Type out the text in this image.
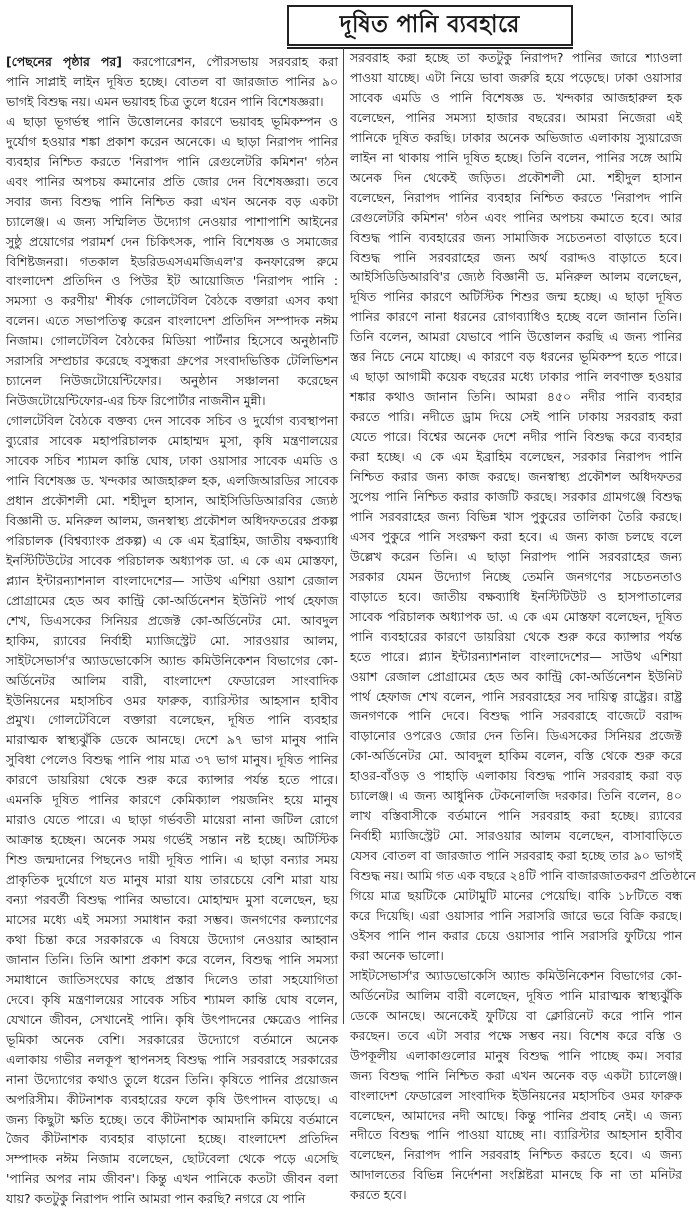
দূষিত পানি ব্যবহারে
[পেছনের পৃষ্ঠার পর] করপোরেশন, পৌরসভায় সরবরাহ করা
পানি সাপ্লাই লাইন দূষিত হচ্ছে। বোতল বা জারজাত পানির ৯০
ভাগই বিশুদ্ধ নয়। এমন ভয়াবহ চিত্র তুলে ধরেন পানি বিশেষজ্ঞরা।
এ ছাড়া ভূগর্ভস্থ পানি উত্তোলনের কারণে ভয়াবহ ভূমিকম্পন ও
দুর্যোগ হওয়ার শঙ্কা প্রকাশ করেন অনেকে। এ ছাড়া নিরাপদ পানির
ব্যবহার নিশ্চিত করতে 'নিরাপদ পানি রেগুলেটরি কমিশন' গঠন
এবং পানির অপচয় কমানোর প্রতি জোর দেন বিশেষজ্ঞরা। তবে
সবার জন্য বিশুদ্ধ পানি নিশ্চিত করা এখন অনেক বড় একটা
চ্যালেঞ্জ। এ জন্য সম্মিলিত উদ্যোগ নেওয়ার পাশাপাশি আইনের
সুষ্ঠু প্রয়োগের পরামর্শ দেন চিকিৎসক, পানি বিশেষজ্ঞ ও সমাজের
বিশিষ্টজনরা। গতকাল ইডরিডএসএমজিএল'র কনফারেন্স রুমে
বাংলাদেশ প্রতিদিন ও পিউর ইট আয়োজিত 'নিরাপদ পানি :
সমস্যা ও করণীয়' শীর্ষক গোলটেবিল বৈঠকে বক্তারা এসব কথা
বলেন। এতে সভাপতিত্ব করেন বাংলাদেশ প্রতিদিন সম্পাদক নঈম
নিজাম। গোলটেবিল বৈঠকের মিডিয়া পার্টনার হিসেবে অনুষ্ঠানটি
সরাসরি সম্প্রচার করেছে বসুন্ধরা গ্রুপের সংবাদভিত্তিক টেলিভিশন
চ্যানেল নিউজটোয়েন্টিফোর। অনুষ্ঠান সঞ্চালনা করেছেন
নিউজটোয়েন্টিফোর-এর চিফ রিপোর্টার নাজনীন মুন্নী।
গোলটেবিল বৈঠকে বক্তব্য দেন সাবেক সচিব ও দুর্যোগ ব্যবস্থাপনা
ব্যুরোর সাবেক মহাপরিচালক মোহাম্মদ মুসা, কৃষি মন্ত্রণালয়ের
সাবেক সচিব শ্যামল কান্তি ঘোষ, ঢাকা ওয়াসার সাবেক এমডি ও
পানি বিশেষজ্ঞ ড. খন্দকার আজহারুল হক, এলজিআরডির সাবেক
প্রধান প্রকৌশলী মো. শহীদুল হাসান, আইসিডিডিআরবির জ্যেষ্ঠ
বিজ্ঞানী ড. মনিরুল আলম, জনস্বাস্থ্য প্রকৌশল অধিদফতরের প্রকল্প
পরিচালক (বিশ্বব্যাংক প্রকল্প) এ কে এম ইব্রাহিম, জাতীয় বক্ষব্যাধি
ইনস্টিটিউটের সাবেক পরিচালক অধ্যাপক ডা. এ কে এম মোস্তফা,
প্ল্যান ইন্টারন্যাশনাল বাংলাদেশের— সাউথ এশিয়া ওয়াশ রেজাল
প্রোগ্রামের হেড অব কান্ট্রি কো-অর্ডিনেশন ইউনিট পার্থ হেফাজ
শেখ, ডিএসকের সিনিয়র প্রজেক্ট কো-অর্ডিনেটর মো. আবদুল
হাকিম, র‍্যাবের নির্বাহী ম্যাজিস্ট্রেট মো. সারওয়ার আলম,
সাইটসেভার্স'র অ্যাডভোকেসি অ্যান্ড কমিউনিকেশন বিভাগের কো-
অর্ডিনেটর আলিম বারী, বাংলাদেশ ফেডারেল সাংবাদিক
ইউনিয়নের মহাসচিব ওমর ফারুক, ব্যারিস্টার আহসান হাবীব
প্রমুখ। গোলটেবিলে বক্তারা বলেছেন, দূষিত পানি ব্যবহার
মারাত্মক স্বাস্থ্যঝুঁকি ডেকে আনছে। দেশে ৯৭ ভাগ মানুষ পানি
সুবিধা পেলেও বিশুদ্ধ পানি পায় মাত্র ৩৭ ভাগ মানুষ। দূষিত পানির
কারণে ডায়রিয়া থেকে শুরু করে ক্যান্সার পর্যন্ত হতে পারে।
এমনকি দূষিত পানির কারণে কেমিক্যাল পয়জনিং হয়ে মানুষ
মারাও যেতে পারে। এ ছাড়া গর্ভবতী মায়েরা নানা জটিল রোগে
আক্রান্ত হচ্ছেন। অনেক সময় গর্ভেই সন্তান নষ্ট হচ্ছে। অটিস্টিক
শিশু জন্মদানের পিছনেও দায়ী দূষিত পানি। এ ছাড়া বন্যার সময়
প্রাকৃতিক দুর্যোগে যত মানুষ মারা যায় তারচেয়ে বেশি মারা যায়
বন্যা পরবর্তী বিশুদ্ধ পানির অভাবে। মোহাম্মদ মুসা বলেছেন, ছয়
মাসের মধ্যে এই সমস্যা সমাধান করা সম্ভব। জনগণের কল্যাণের
কথা চিন্তা করে সরকারকে এ বিষয়ে উদ্যোগ নেওয়ার আহ্বান
জানান তিনি। তিনি আশা প্রকাশ করে বলেন, বিশুদ্ধ পানি সমস্যা
সমাধানে জাতিসংঘের কাছে প্রস্তাব দিলেও তারা সহযোগিতা
দেবে। কৃষি মন্ত্রণালয়ের সাবেক সচিব শ্যামল কান্তি ঘোষ বলেন,
যেখানে জীবন, সেখানেই পানি। কৃষি উৎপাদনের ক্ষেত্রেও পানির
ভূমিকা অনেক বেশি। সরকারের উদ্যোগে বর্তমানে অনেক
এলাকায় গভীর নলকূপ স্থাপনসহ বিশুদ্ধ পানি সরবরাহে সরকারের
নানা উদ্যোগের কথাও তুলে ধরেন তিনি। কৃষিতে পানির প্রয়োজন
অপরিসীম। কীটনাশক ব্যবহারের ফলে কৃষি উৎপাদন বাড়ছে। এ
জন্য কিছুটা ক্ষতি হচ্ছে। তবে কীটনাশক আমদানি কমিয়ে বর্তমানে
জৈব কীটনাশক ব্যবহার বাড়ানো হচ্ছে। বাংলাদেশ প্রতিদিন
সম্পাদক নঈম নিজাম বলেছেন, ছোটবেলা থেকে পড়ে এসেছি
'পানির অপর নাম জীবন'। কিন্তু এখন পানিকে কতটা জীবন বলা
যায়? কতটুকু নিরাপদ পানি আমরা পান করছি? নগরে যে পানি
সরবরাহ করা হচ্ছে তা কতটুকু নিরাপদ? পানির জারে শ্যাওলা
পাওয়া যাচ্ছে। এটা নিয়ে ভাবা জরুরি হয়ে পড়েছে। ঢাকা ওয়াসার
সাবেক এমডি ও পানি বিশেষজ্ঞ ড. খন্দকার আজহারুল হক
বলেছেন, পানির সমস্যা হাজার বছরের। আমরা নিজেরা এই
পানিকে দূষিত করছি। ঢাকার অনেক অভিজাত এলাকায় স্যুয়ারেজ
লাইন না থাকায় পানি দূষিত হচ্ছে। তিনি বলেন, পানির সঙ্গে আমি
অনেক দিন থেকেই জড়িত। প্রকৌশলী মো. শহীদুল হাসান
বলেছেন, নিরাপদ পানির ব্যবহার নিশ্চিত করতে 'নিরাপদ পানি
রেগুলেটরি কমিশন' গঠন এবং পানির অপচয় কমাতে হবে। আর
বিশুদ্ধ পানি ব্যবহারের জন্য সামাজিক সচেতনতা বাড়াতে হবে।
বিশুদ্ধ পানি সরবরাহের জন্য অর্থ বরাদ্দও বাড়াতে হবে।
আইসিডিডিআরবি'র জ্যেষ্ঠ বিজ্ঞানী ড. মনিরুল আলম বলেছেন,
দূষিত পানির কারণে অটিস্টিক শিশুর জন্ম হচ্ছে। এ ছাড়া দূষিত
পানির কারণে নানা ধরনের রোগব্যাধিও হচ্ছে বলে জানান তিনি।
তিনি বলেন, আমরা যেভাবে পানি উত্তোলন করছি এ জন্য পানির
স্তর নিচে নেমে যাচ্ছে। এ কারণে বড় ধরনের ভূমিকম্প হতে পারে।
এ ছাড়া আগামী কয়েক বছরের মধ্যে ঢাকার পানি লবণাক্ত হওয়ার
শঙ্কার কথাও জানান তিনি। আমরা ৪৫০ নদীর পানি ব্যবহার
করতে পারি। নদীতে ড্রাম দিয়ে সেই পানি ঢাকায় সরবরাহ করা
যেতে পারে। বিশ্বের অনেক দেশে নদীর পানি বিশুদ্ধ করে ব্যবহার
করা হচ্ছে। এ কে এম ইব্রাহিম বলেছেন, সরকার নিরাপদ পানি
নিশ্চিত করার জন্য কাজ করছে। জনস্বাস্থ্য প্রকৌশল অধিদফতর
সুপেয় পানি নিশ্চিত করার কাজটি করছে। সরকার গ্রামগঞ্জে বিশুদ্ধ
পানি সরবরাহের জন্য বিভিন্ন খাস পুকুরের তালিকা তৈরি করছে।
এসব পুকুরে পানি সংরক্ষণ করা হবে। এ জন্য কাজ চলছে বলে
উল্লেখ করেন তিনি। এ ছাড়া নিরাপদ পানি সরবরাহের জন্য
সরকার যেমন উদ্যোগ নিচ্ছে তেমনি জনগণের সচেতনতাও
বাড়াতে হবে। জাতীয় বক্ষব্যাধি ইনস্টিটিউট ও হাসপাতালের
সাবেক পরিচালক অধ্যাপক ডা. এ কে এম মোস্তফা বলেছেন, দূষিত
পানি ব্যবহারের কারণে ডায়রিয়া থেকে শুরু করে ক্যান্সার পর্যন্ত
হতে পারে। প্ল্যান ইন্টারন্যাশনাল বাংলাদেশের— সাউথ এশিয়া
ওয়াশ রেজাল প্রোগ্রামের হেড অব কান্ট্রি কো-অর্ডিনেশন ইউনিট
পার্থ হেফাজ শেখ বলেন, পানি সরবরাহের সব দায়িত্ব রাষ্ট্রের। রাষ্ট্র
জনগণকে পানি দেবে। বিশুদ্ধ পানি সরবরাহে বাজেটে বরাদ্দ
বাড়ানোর ওপরেও জোর দেন তিনি। ডিএসকের সিনিয়র প্রজেক্ট
কো-অর্ডিনেটর মো. আবদুল হাকিম বলেন, বস্তি থেকে শুরু করে
হাওর-বাঁওড় ও পাহাড়ি এলাকায় বিশুদ্ধ পানি সরবরাহ করা বড়
চ্যালেঞ্জ। এ জন্য আধুনিক টেকনোলজি দরকার। তিনি বলেন, ৪০
লাখ বস্তিবাসীকে বর্তমানে পানি সরবরাহ করা হচ্ছে। র‍্যাবের
নির্বাহী ম্যাজিস্ট্রেট মো. সারওয়ার আলম বলেছেন, বাসাবাড়িতে
যেসব বোতল বা জারজাত পানি সরবরাহ করা হচ্ছে তার ৯০ ভাগই
বিশুদ্ধ নয়। আমি গত এক বছরে ২৪টি পানি বাজারজাতকরণ প্রতিষ্ঠানে
গিয়ে মাত্র ছয়টিকে মোটামুটি মানের পেয়েছি। বাকি ১৮টিতে বন্ধ
করে দিয়েছি। এরা ওয়াসার পানি সরাসরি জারে ভরে বিক্রি করছে।
ওইসব পানি পান করার চেয়ে ওয়াসার পানি সরাসরি ফুটিয়ে পান
করা অনেক ভালো।
সাইটসেভার্স'র অ্যাডভোকেসি অ্যান্ড কমিউনিকেশন বিভাগের কো-
অর্ডিনেটর আলিম বারী বলেছেন, দূষিত পানি মারাত্মক স্বাস্থ্যঝুঁকি
ডেকে আনছে। অনেকেই ফুটিয়ে বা ক্লোরিনেট করে পানি পান
করছেন। তবে এটা সবার পক্ষে সম্ভব নয়। বিশেষ করে বস্তি ও
উপকূলীয় এলাকাগুলোর মানুষ বিশুদ্ধ পানি পাচ্ছে কম। সবার
জন্য বিশুদ্ধ পানি নিশ্চিত করা এখন অনেক বড় একটা চ্যালেঞ্জ।
বাংলাদেশ ফেডারেল সাংবাদিক ইউনিয়নের মহাসচিব ওমর ফারুক
বলেছেন, আমাদের নদী আছে। কিন্তু পানির প্রবাহ নেই। এ জন্য
নদীতে বিশুদ্ধ পানি পাওয়া যাচ্ছে না। ব্যারিস্টার আহসান হাবীব
বলেছেন, নিরাপদ পানি সরবরাহ নিশ্চিত করতে হবে। এ জন্য
আদালতের বিভিন্ন নির্দেশনা সংশ্লিষ্টরা মানছে কি না তা মনিটর
করতে হবে।
